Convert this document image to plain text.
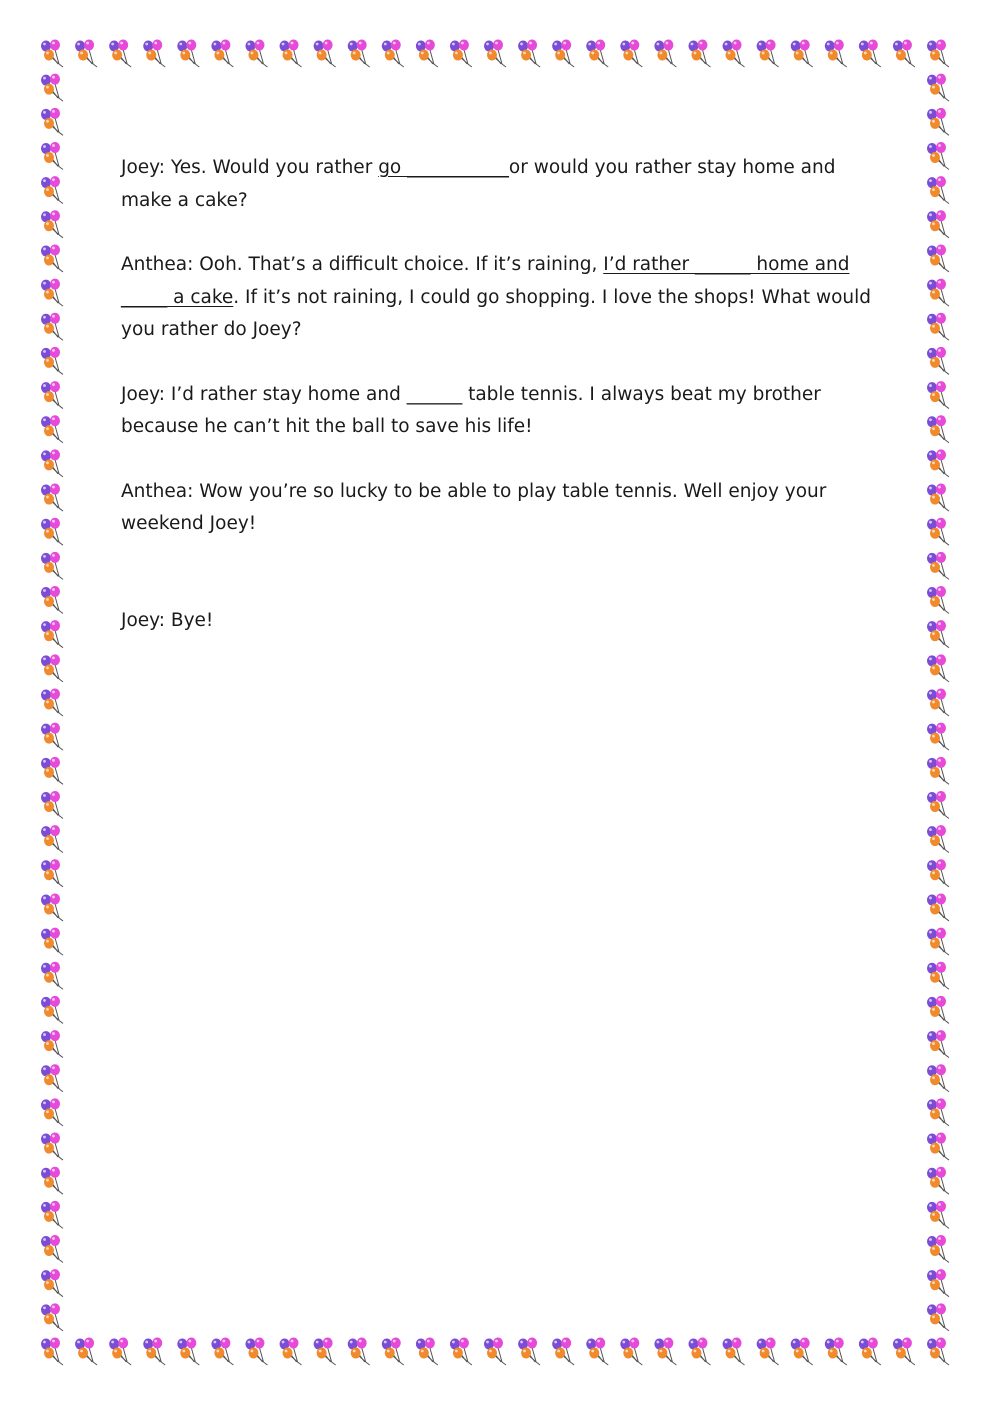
Joey: Yes. Would you rather go ___________or would you rather stay home and make a cake?

Anthea: Ooh. That’s a difficult choice. If it’s raining, I’d rather ______ home and _____ a cake. If it’s not raining, I could go shopping. I love the shops! What would you rather do Joey?

Joey: I’d rather stay home and ______ table tennis. I always beat my brother because he can’t hit the ball to save his life!

Anthea: Wow you’re so lucky to be able to play table tennis. Well enjoy your weekend Joey!

Joey: Bye!
